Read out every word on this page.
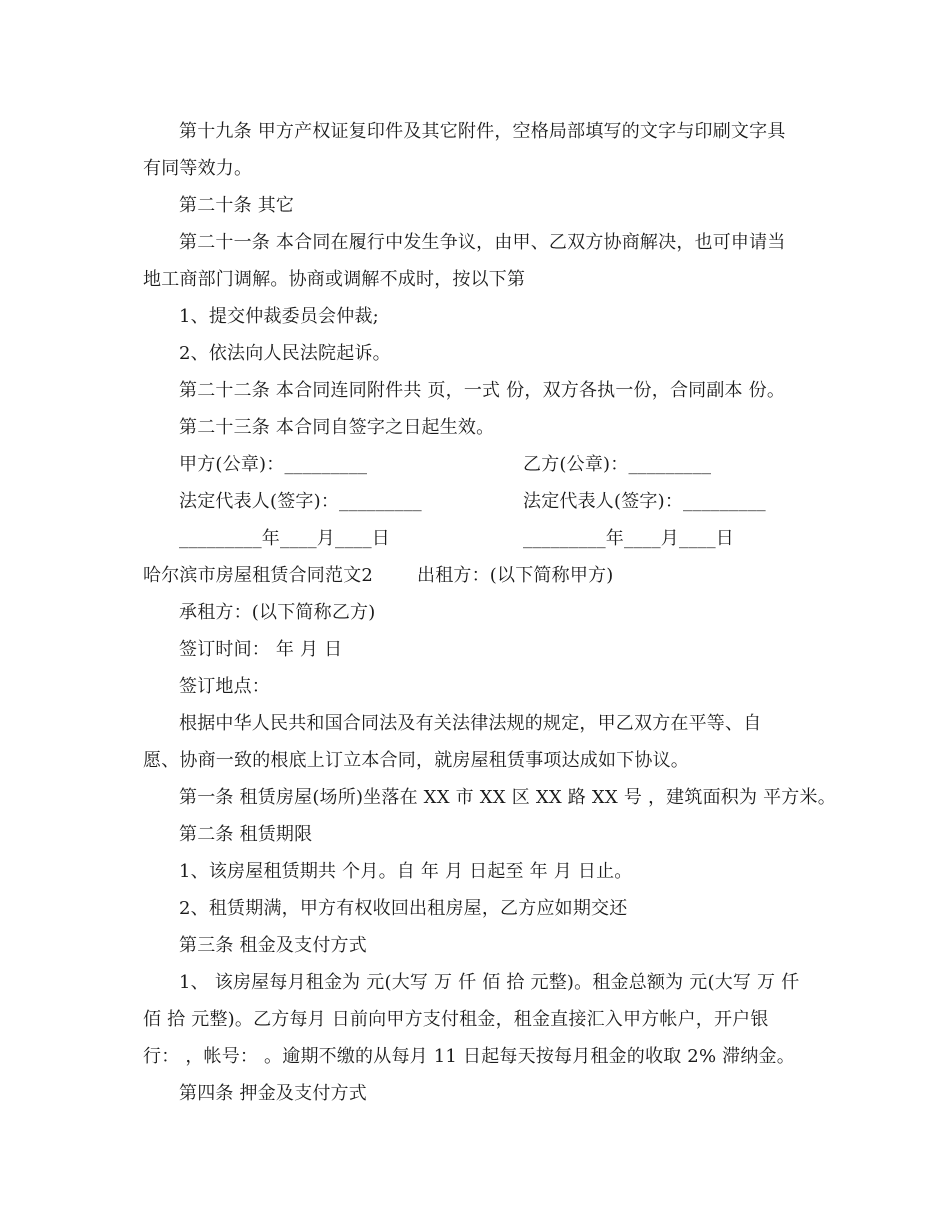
第十九条 甲方产权证复印件及其它附件，空格局部填写的文字与印刷文字具
有同等效力。
第二十条 其它
第二十一条 本合同在履行中发生争议，由甲、乙双方协商解决，也可申请当
地工商部门调解。协商或调解不成时，按以下第
1、提交仲裁委员会仲裁;
2、依法向人民法院起诉。
第二十二条 本合同连同附件共 页，一式 份，双方各执一份，合同副本 份。
第二十三条 本合同自签字之日起生效。
甲方(公章)：_________	乙方(公章)：_________
法定代表人(签字)：_________	法定代表人(签字)：_________
_________年____月____日	_________年____月____日
哈尔滨市房屋租赁合同范文2 出租方：(以下简称甲方)
承租方：(以下简称乙方)
签订时间： 年 月 日
签订地点：
根据中华人民共和国合同法及有关法律法规的规定，甲乙双方在平等、自
愿、协商一致的根底上订立本合同，就房屋租赁事项达成如下协议。
第一条 租赁房屋(场所)坐落在 XX 市 XX 区 XX 路 XX 号 ，建筑面积为 平方米。
第二条 租赁期限
1、该房屋租赁期共 个月。自 年 月 日起至 年 月 日止。
2、租赁期满，甲方有权收回出租房屋，乙方应如期交还
第三条 租金及支付方式
1、 该房屋每月租金为 元(大写 万 仟 佰 拾 元整)。租金总额为 元(大写 万 仟
佰 拾 元整)。乙方每月 日前向甲方支付租金，租金直接汇入甲方帐户，开户银
行： ，帐号： 。逾期不缴的从每月 11 日起每天按每月租金的收取 2% 滞纳金。
第四条 押金及支付方式
